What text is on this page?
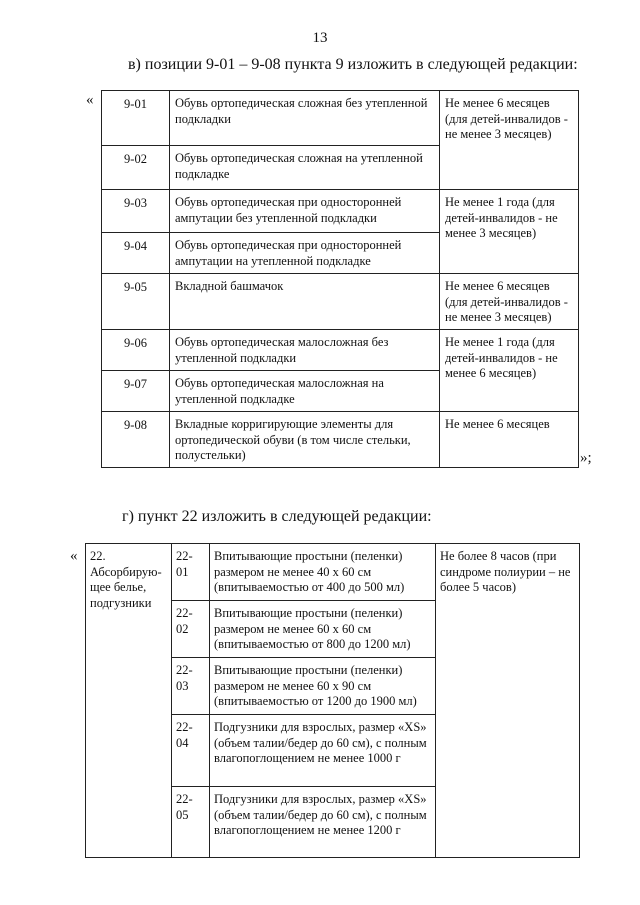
13
в) позиции 9-01 – 9-08 пункта 9 изложить в следующей редакции:
« 9-01	Обувь ортопедическая сложная без утепленной подкладки	Не менее 6 месяцев (для детей-инвалидов - не менее 3 месяцев)
9-02	Обувь ортопедическая сложная на утепленной подкладке	
9-03	Обувь ортопедическая при односторонней ампутации без утепленной подкладки	Не менее 1 года (для детей-инвалидов - не менее 3 месяцев)
9-04	Обувь ортопедическая при односторонней ампутации на утепленной подкладке	
9-05	Вкладной башмачок	Не менее 6 месяцев (для детей-инвалидов - не менее 3 месяцев)
9-06	Обувь ортопедическая малосложная без утепленной подкладки	Не менее 1 года (для детей-инвалидов - не менее 6 месяцев)
9-07	Обувь ортопедическая малосложная на утепленной подкладке	
9-08	Вкладные корригирующие элементы для ортопедической обуви (в том числе стельки, полустельки)	Не менее 6 месяцев
»;
г) пункт 22 изложить в следующей редакции:
« 22. Абсорбирую-щее белье, подгузники	22-01	Впитывающие простыни (пеленки) размером не менее 40 х 60 см (впитываемостью от 400 до 500 мл)	Не более 8 часов (при синдроме полиурии – не более 5 часов)
	22-02	Впитывающие простыни (пеленки) размером не менее 60 х 60 см (впитываемостью от 800 до 1200 мл)	
	22-03	Впитывающие простыни (пеленки) размером не менее 60 х 90 см (впитываемостью от 1200 до 1900 мл)	
	22-04	Подгузники для взрослых, размер «XS» (объем талии/бедер до 60 см), с полным влагопоглощением не менее 1000 г	
	22-05	Подгузники для взрослых, размер «XS» (объем талии/бедер до 60 см), с полным влагопоглощением не менее 1200 г	
